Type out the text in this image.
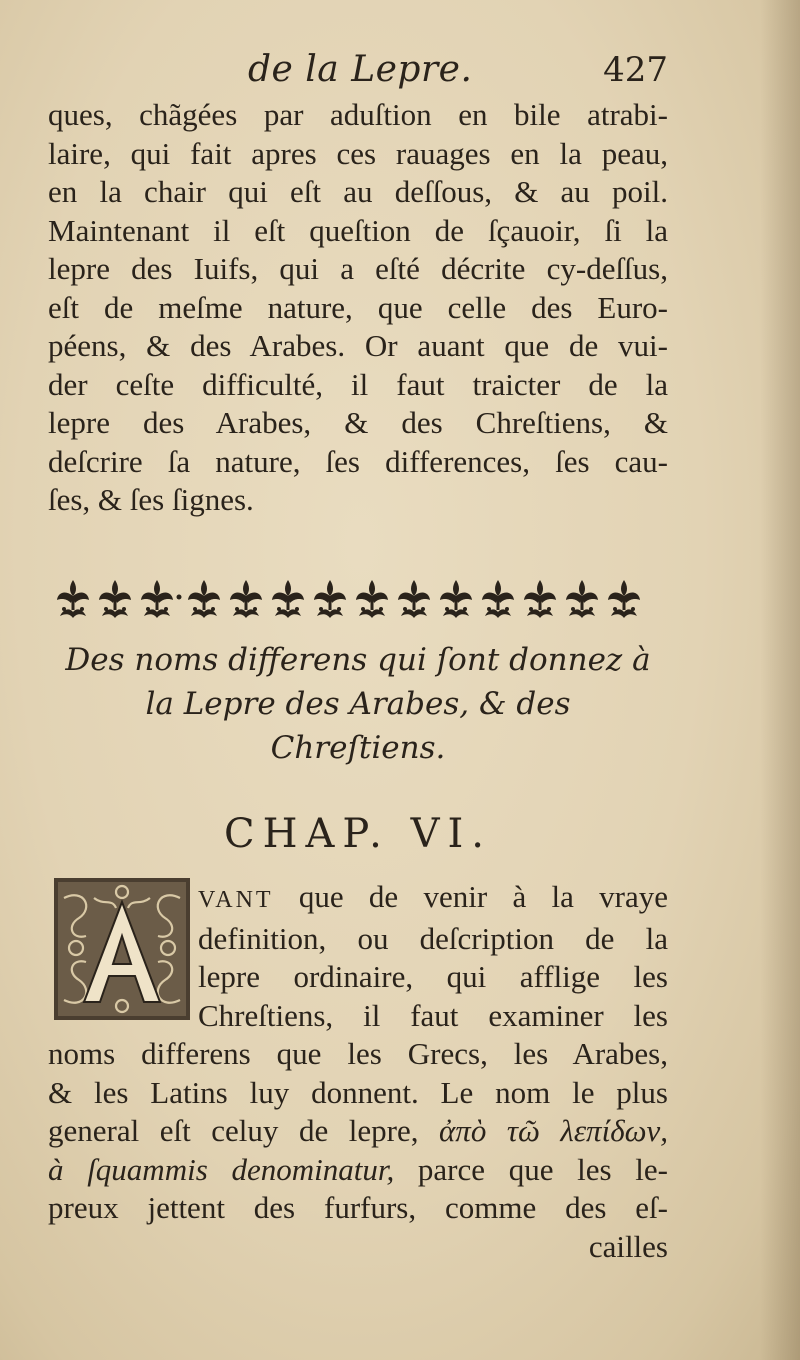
de la Lepre.	427
ques, chãgées par aduſtion en bile atrabi-
laire, qui fait apres ces rauages en la peau,
en la chair qui eſt au deſſous, & au poil.
Maintenant il eſt queſtion de ſçauoir, ſi la
lepre des Iuifs, qui a eſté décrite cy-deſſus,
eſt de meſme nature, que celle des Euro-
péens, & des Arabes. Or auant que de vui-
der ceſte difficulté, il faut traicter de la
lepre des Arabes, & des Chreſtiens, &
deſcrire ſa nature, ſes differences, ſes cau-
ſes, & ſes ſignes.
Des noms differens qui ſont donnez à
la Lepre des Arabes, & des
Chreſtiens.
CHAP. VI.
VANT que de venir à la vraye
definition, ou deſcription de la
lepre ordinaire, qui afflige les
Chreſtiens, il faut examiner les
noms differens que les Grecs, les Arabes,
& les Latins luy donnent. Le nom le plus
general eſt celuy de lepre, ἀπὸ τῶ λεπίδων,
à ſquammis denominatur, parce que les le-
preux jettent des furfurs, comme des eſ-
cailles
